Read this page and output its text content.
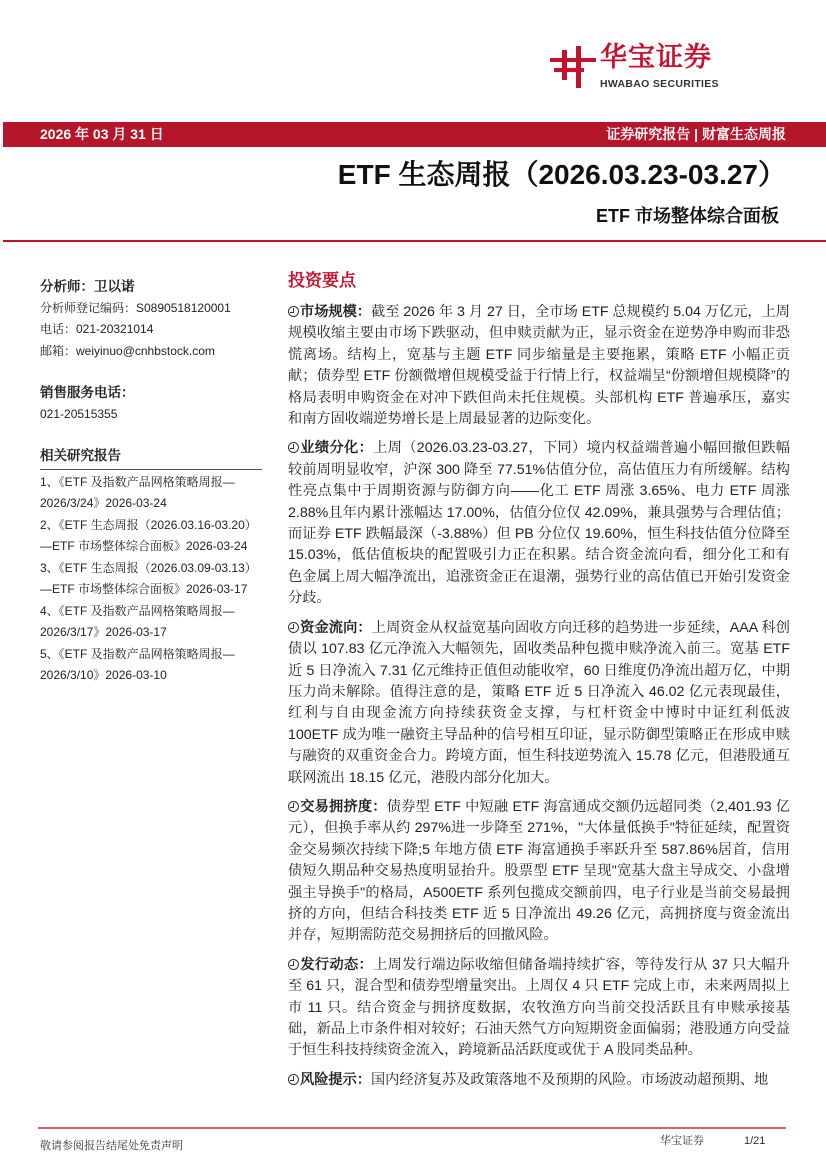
华宝证券
HWABAO SECURITIES
2026 年 03 月 31 日	证券研究报告 | 财富生态周报
ETF 生态周报（2026.03.23-03.27）
ETF 市场整体综合面板
分析师：卫以诺
分析师登记编码：S0890518120001
电话：021-20321014
邮箱：weiyinuo@cnhbstock.com
销售服务电话：
021-20515355
相关研究报告
1、《ETF 及指数产品网格策略周报—2026/3/24》2026-03-24
2、《ETF 生态周报（2026.03.16-03.20）—ETF 市场整体综合面板》2026-03-24
3、《ETF 生态周报（2026.03.09-03.13）—ETF 市场整体综合面板》2026-03-17
4、《ETF 及指数产品网格策略周报—2026/3/17》2026-03-17
5、《ETF 及指数产品网格策略周报—2026/3/10》2026-03-10
投资要点

市场规模：截至 2026 年 3 月 27 日，全市场 ETF 总规模约 5.04 万亿元，上周规模收缩主要由市场下跌驱动，但申赎贡献为正，显示资金在逆势净申购而非恐慌离场。结构上，宽基与主题 ETF 同步缩量是主要拖累，策略 ETF 小幅正贡献；债券型 ETF 份额微增但规模受益于行情上行，权益端呈“份额增但规模降”的格局表明申购资金在对冲下跌但尚未托住规模。头部机构 ETF 普遍承压，嘉实和南方固收端逆势增长是上周最显著的边际变化。

业绩分化：上周（2026.03.23-03.27，下同）境内权益端普遍小幅回撤但跌幅较前周明显收窄，沪深 300 降至 77.51%估值分位，高估值压力有所缓解。结构性亮点集中于周期资源与防御方向——化工 ETF 周涨 3.65%、电力 ETF 周涨 2.88%且年内累计涨幅达 17.00%，估值分位仅 42.09%，兼具强势与合理估值；而证券 ETF 跌幅最深（-3.88%）但 PB 分位仅 19.60%，恒生科技估值分位降至 15.03%，低估值板块的配置吸引力正在积累。结合资金流向看，细分化工和有色金属上周大幅净流出，追涨资金正在退潮，强势行业的高估值已开始引发资金分歧。

资金流向：上周资金从权益宽基向固收方向迁移的趋势进一步延续，AAA 科创债以 107.83 亿元净流入大幅领先，固收类品种包揽申赎净流入前三。宽基 ETF 近 5 日净流入 7.31 亿元维持正值但动能收窄，60 日维度仍净流出超万亿，中期压力尚未解除。值得注意的是，策略 ETF 近 5 日净流入 46.02 亿元表现最佳，红利与自由现金流方向持续获资金支撑，与杠杆资金中博时中证红利低波 100ETF 成为唯一融资主导品种的信号相互印证，显示防御型策略正在形成申赎与融资的双重资金合力。跨境方面，恒生科技逆势流入 15.78 亿元，但港股通互联网流出 18.15 亿元，港股内部分化加大。

交易拥挤度：债券型 ETF 中短融 ETF 海富通成交额仍远超同类（2,401.93 亿元），但换手率从约 297%进一步降至 271%，"大体量低换手"特征延续，配置资金交易频次持续下降;5 年地方债 ETF 海富通换手率跃升至 587.86%居首，信用债短久期品种交易热度明显抬升。股票型 ETF 呈现"宽基大盘主导成交、小盘增强主导换手"的格局，A500ETF 系列包揽成交额前四，电子行业是当前交易最拥挤的方向，但结合科技类 ETF 近 5 日净流出 49.26 亿元，高拥挤度与资金流出并存，短期需防范交易拥挤后的回撤风险。

发行动态：上周发行端边际收缩但储备端持续扩容，等待发行从 37 只大幅升至 61 只，混合型和债券型增量突出。上周仅 4 只 ETF 完成上市，未来两周拟上市 11 只。结合资金与拥挤度数据，农牧渔方向当前交投活跃且有申赎承接基础，新品上市条件相对较好；石油天然气方向短期资金面偏弱；港股通方向受益于恒生科技持续资金流入，跨境新品活跃度或优于 A 股同类品种。

风险提示：国内经济复苏及政策落地不及预期的风险。市场波动超预期、地

敬请参阅报告结尾处免责声明	华宝证券	1/21
